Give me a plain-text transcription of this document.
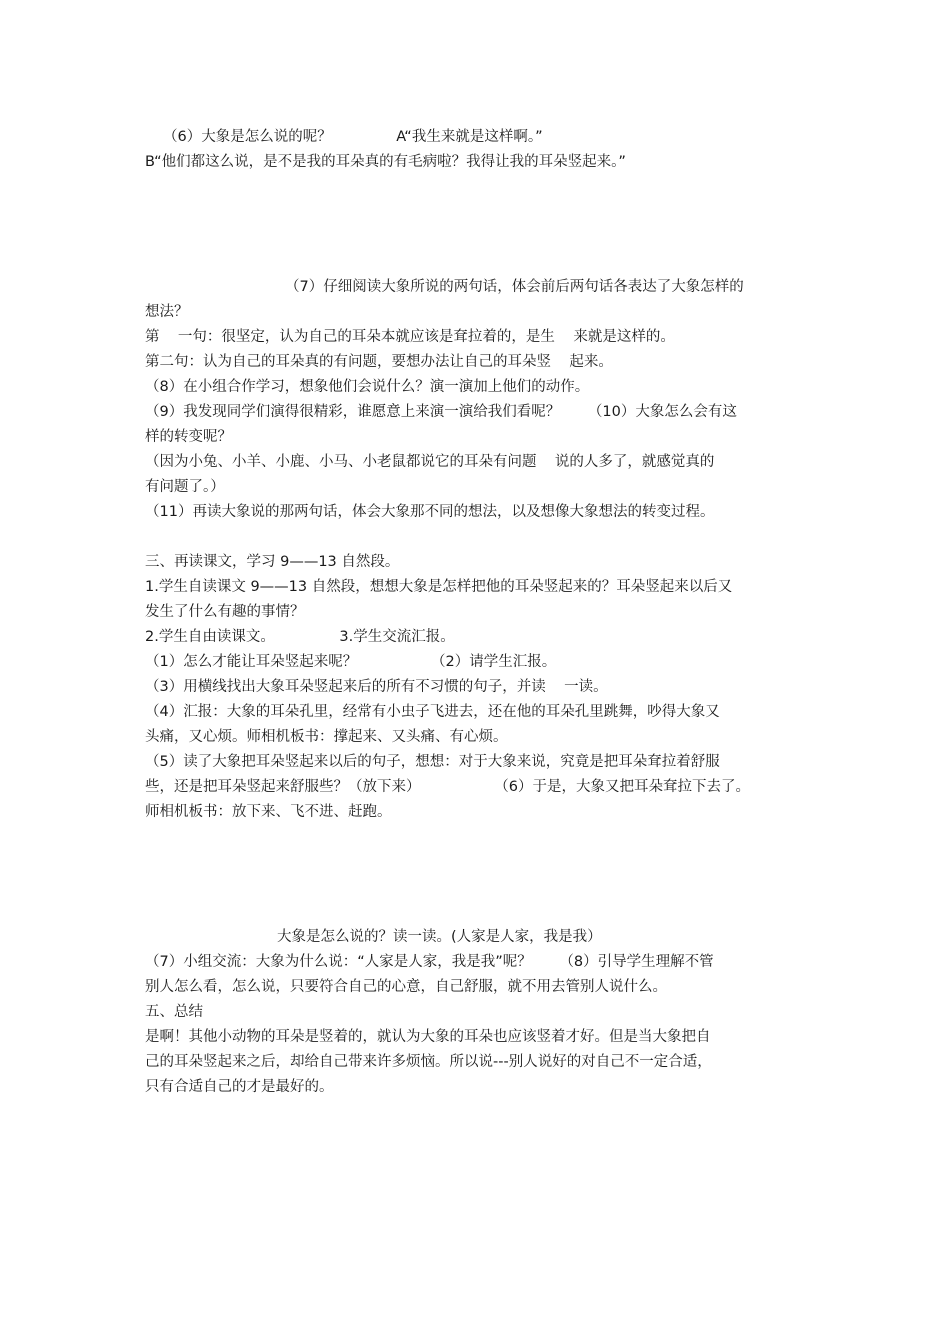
（6）大象是怎么说的呢？              A“我生来就是这样啊。”

B“他们都这么说，是不是我的耳朵真的有毛病啦？我得让我的耳朵竖起来。”

（7）仔细阅读大象所说的两句话，体会前后两句话各表达了大象怎样的

想法？

第    一句：很坚定，认为自己的耳朵本就应该是耷拉着的，是生    来就是这样的。

第二句：认为自己的耳朵真的有问题，要想办法让自己的耳朵竖    起来。

（8）在小组合作学习，想象他们会说什么？演一演加上他们的动作。

（9）我发现同学们演得很精彩，谁愿意上来演一演给我们看呢？      （10）大象怎么会有这

样的转变呢？

（因为小兔、小羊、小鹿、小马、小老鼠都说它的耳朵有问题    说的人多了，就感觉真的

有问题了。）

（11）再读大象说的那两句话，体会大象那不同的想法，以及想像大象想法的转变过程。

三、再读课文，学习 9——13 自然段。

1.学生自读课文 9——13 自然段，想想大象是怎样把他的耳朵竖起来的？耳朵竖起来以后又

发生了什么有趣的事情？

2.学生自由读课文。              3.学生交流汇报。

（1）怎么才能让耳朵竖起来呢？                （2）请学生汇报。

（3）用横线找出大象耳朵竖起来后的所有不习惯的句子，并读    一读。

（4）汇报：大象的耳朵孔里，经常有小虫子飞进去，还在他的耳朵孔里跳舞，吵得大象又

头痛，又心烦。师相机板书：撑起来、又头痛、有心烦。

（5）读了大象把耳朵竖起来以后的句子，想想：对于大象来说，究竟是把耳朵耷拉着舒服

些，还是把耳朵竖起来舒服些？（放下来）                （6）于是，大象又把耳朵耷拉下去了。

师相机板书：放下来、飞不进、赶跑。

大象是怎么说的？读一读。(人家是人家，我是我）

（7）小组交流：大象为什么说：“人家是人家，我是我”呢？      （8）引导学生理解不管

别人怎么看，怎么说，只要符合自己的心意，自己舒服，就不用去管别人说什么。

五、总结

是啊！其他小动物的耳朵是竖着的，就认为大象的耳朵也应该竖着才好。但是当大象把自

己的耳朵竖起来之后，却给自己带来许多烦恼。所以说---别人说好的对自己不一定合适，

只有合适自己的才是最好的。
